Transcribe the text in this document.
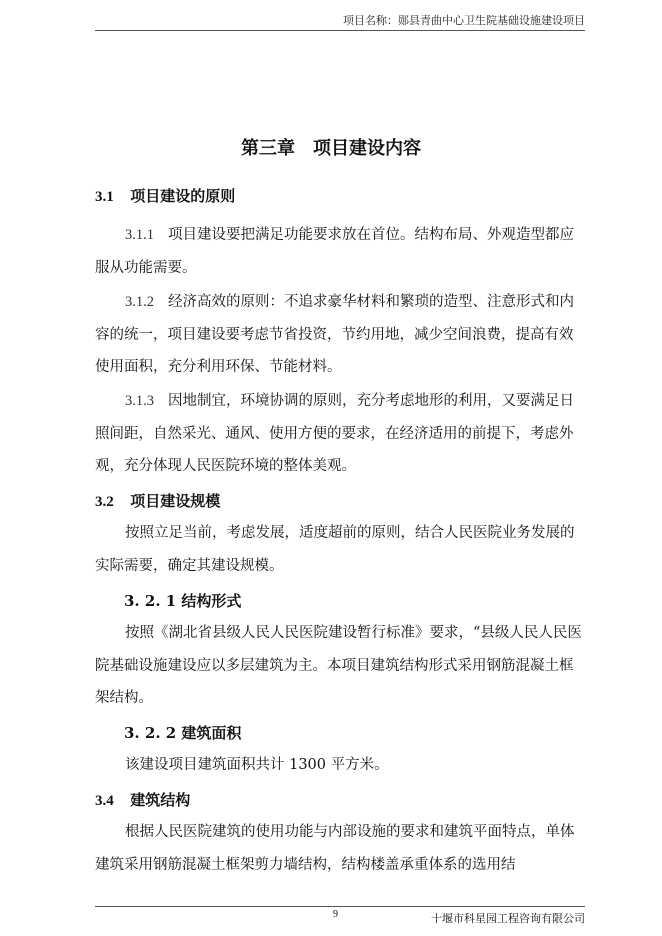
项目名称：郧县青曲中心卫生院基础设施建设项目
第三章　项目建设内容
3.1 项目建设的原则
3.1.1 项目建设要把满足功能要求放在首位。结构布局、外观造型都应服从功能需要。
3.1.2 经济高效的原则：不追求豪华材料和繁琐的造型、注意形式和内容的统一，项目建设要考虑节省投资，节约用地，减少空间浪费，提高有效使用面积，充分利用环保、节能材料。
3.1.3 因地制宜，环境协调的原则，充分考虑地形的利用，又要满足日照间距，自然采光、通风、使用方便的要求，在经济适用的前提下，考虑外观，充分体现人民医院环境的整体美观。
3.2 项目建设规模
按照立足当前，考虑发展，适度超前的原则，结合人民医院业务发展的实际需要，确定其建设规模。
3. 2. 1 结构形式
按照《湖北省县级人民人民医院建设暂行标准》要求，“县级人民人民医院基础设施建设应以多层建筑为主。本项目建筑结构形式采用钢筋混凝土框架结构。
3. 2. 2 建筑面积
该建设项目建筑面积共计 1300 平方米。
3.4 建筑结构
根据人民医院建筑的使用功能与内部设施的要求和建筑平面特点，单体建筑采用钢筋混凝土框架剪力墙结构，结构楼盖承重体系的选用结
9	十堰市科星园工程咨询有限公司
